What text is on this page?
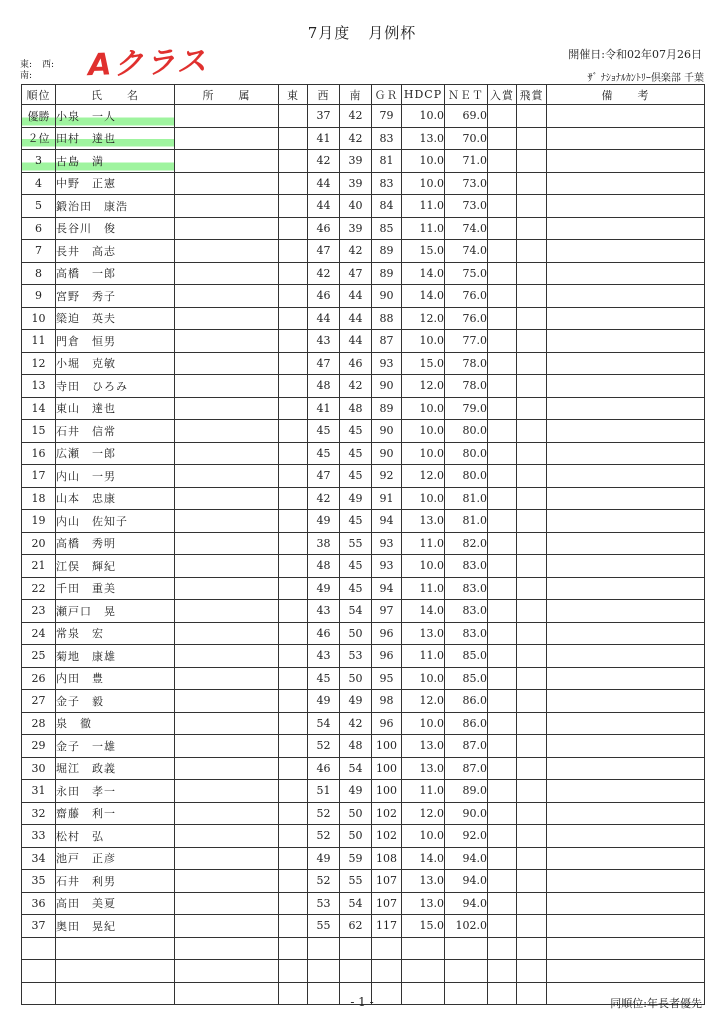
7月度 月例杯
開催日:令和02年07月26日
ｻﾞ ﾅｼｮﾅﾙｶﾝﾄﾘｰ倶楽部 千葉
東: 西:
南:	Aクラス
順位	氏　　名	所　　属	東	西	南	ＧＲ	HDCP	ＮＥＴ	入賞	飛賞	備　　考
優勝	小泉　一人			37	42	79	10.0	69.0			
２位	田村　達也			41	42	83	13.0	70.0			
3	古島　満			42	39	81	10.0	71.0			
4	中野　正憲			44	39	83	10.0	73.0			
5	鍛治田　康浩			44	40	84	11.0	73.0			
6	長谷川　俊			46	39	85	11.0	74.0			
7	長井　高志			47	42	89	15.0	74.0			
8	高橋　一郎			42	47	89	14.0	75.0			
9	宮野　秀子			46	44	90	14.0	76.0			
10	簗迫　英夫			44	44	88	12.0	76.0			
11	門倉　恒男			43	44	87	10.0	77.0			
12	小堀　克敏			47	46	93	15.0	78.0			
13	寺田　ひろみ			48	42	90	12.0	78.0			
14	東山　達也			41	48	89	10.0	79.0			
15	石井　信常			45	45	90	10.0	80.0			
16	広瀬　一郎			45	45	90	10.0	80.0			
17	内山　一男			47	45	92	12.0	80.0			
18	山本　忠康			42	49	91	10.0	81.0			
19	内山　佐知子			49	45	94	13.0	81.0			
20	高橋　秀明			38	55	93	11.0	82.0			
21	江俣　輝紀			48	45	93	10.0	83.0			
22	千田　重美			49	45	94	11.0	83.0			
23	瀬戸口　晃			43	54	97	14.0	83.0			
24	常泉　宏			46	50	96	13.0	83.0			
25	菊地　康雄			43	53	96	11.0	85.0			
26	内田　豊			45	50	95	10.0	85.0			
27	金子　毅			49	49	98	12.0	86.0			
28	泉　徹			54	42	96	10.0	86.0			
29	金子　一雄			52	48	100	13.0	87.0			
30	堀江　政義			46	54	100	13.0	87.0			
31	永田　孝一			51	49	100	11.0	89.0			
32	齋藤　利一			52	50	102	12.0	90.0			
33	松村　弘			52	50	102	10.0	92.0			
34	池戸　正彦			49	59	108	14.0	94.0			
35	石井　利男			52	55	107	13.0	94.0			
36	高田　美夏			53	54	107	13.0	94.0			
37	奥田　晃紀			55	62	117	15.0	102.0			

- 1 -	同順位:年長者優先
